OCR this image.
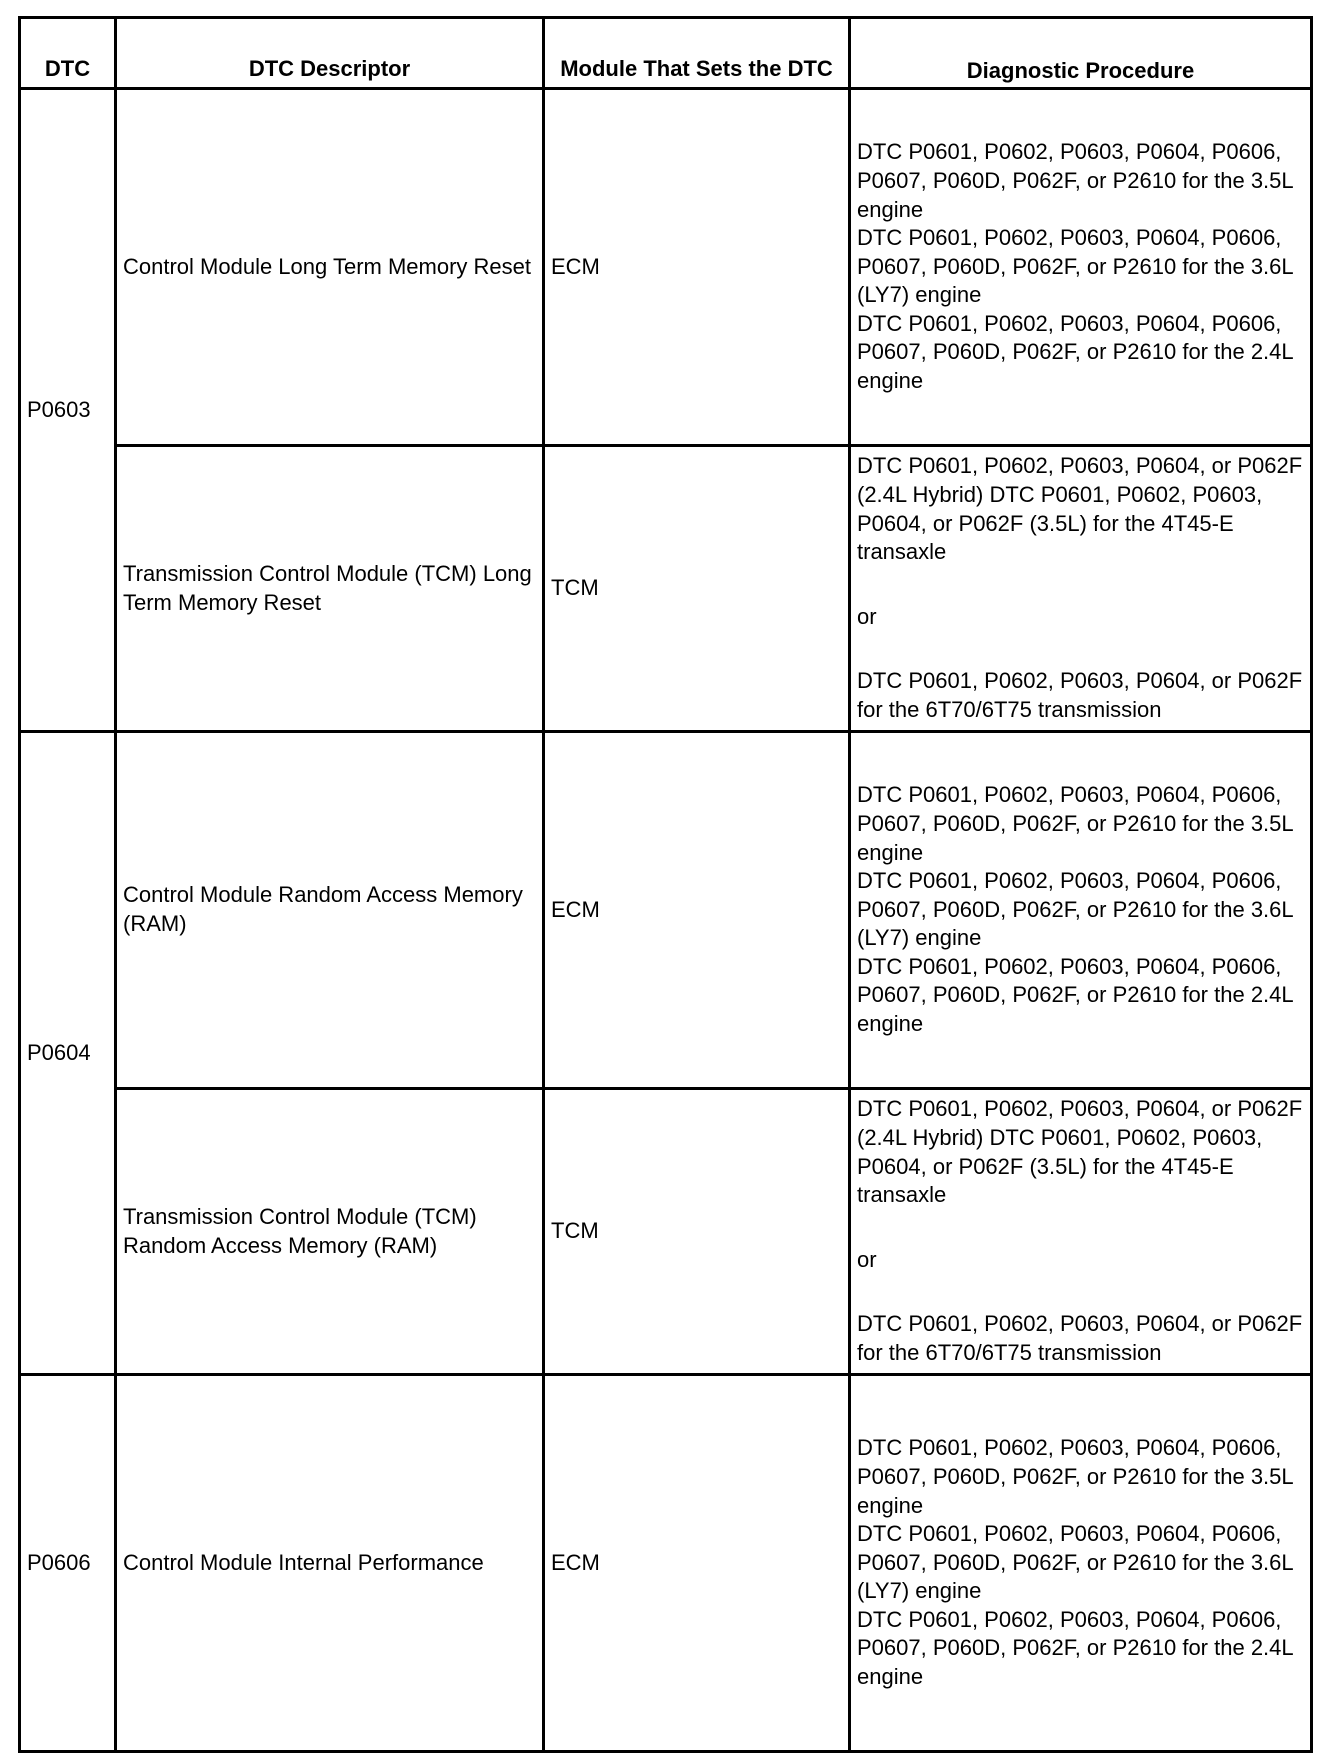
DTC	DTC Descriptor	Module That Sets the DTC	Diagnostic Procedure
P0603	Control Module Long Term Memory Reset	ECM	DTC P0601, P0602, P0603, P0604, P0606, P0607, P060D, P062F, or P2610 for the 3.5L engine
DTC P0601, P0602, P0603, P0604, P0606, P0607, P060D, P062F, or P2610 for the 3.6L (LY7) engine
DTC P0601, P0602, P0603, P0604, P0606, P0607, P060D, P062F, or P2610 for the 2.4L engine

	Transmission Control Module (TCM) Long Term Memory Reset	TCM	DTC P0601, P0602, P0603, P0604, or P062F (2.4L Hybrid) DTC P0601, P0602, P0603, P0604, or P062F (3.5L) for the 4T45-E transaxle
or
DTC P0601, P0602, P0603, P0604, or P062F for the 6T70/6T75 transmission

P0604	Control Module Random Access Memory (RAM)	ECM	DTC P0601, P0602, P0603, P0604, P0606, P0607, P060D, P062F, or P2610 for the 3.5L engine
DTC P0601, P0602, P0603, P0604, P0606, P0607, P060D, P062F, or P2610 for the 3.6L (LY7) engine
DTC P0601, P0602, P0603, P0604, P0606, P0607, P060D, P062F, or P2610 for the 2.4L engine

	Transmission Control Module (TCM) Random Access Memory (RAM)	TCM	DTC P0601, P0602, P0603, P0604, or P062F (2.4L Hybrid) DTC P0601, P0602, P0603, P0604, or P062F (3.5L) for the 4T45-E transaxle
or
DTC P0601, P0602, P0603, P0604, or P062F for the 6T70/6T75 transmission

P0606	Control Module Internal Performance	ECM	DTC P0601, P0602, P0603, P0604, P0606, P0607, P060D, P062F, or P2610 for the 3.5L engine
DTC P0601, P0602, P0603, P0604, P0606, P0607, P060D, P062F, or P2610 for the 3.6L (LY7) engine
DTC P0601, P0602, P0603, P0604, P0606, P0607, P060D, P062F, or P2610 for the 2.4L engine
